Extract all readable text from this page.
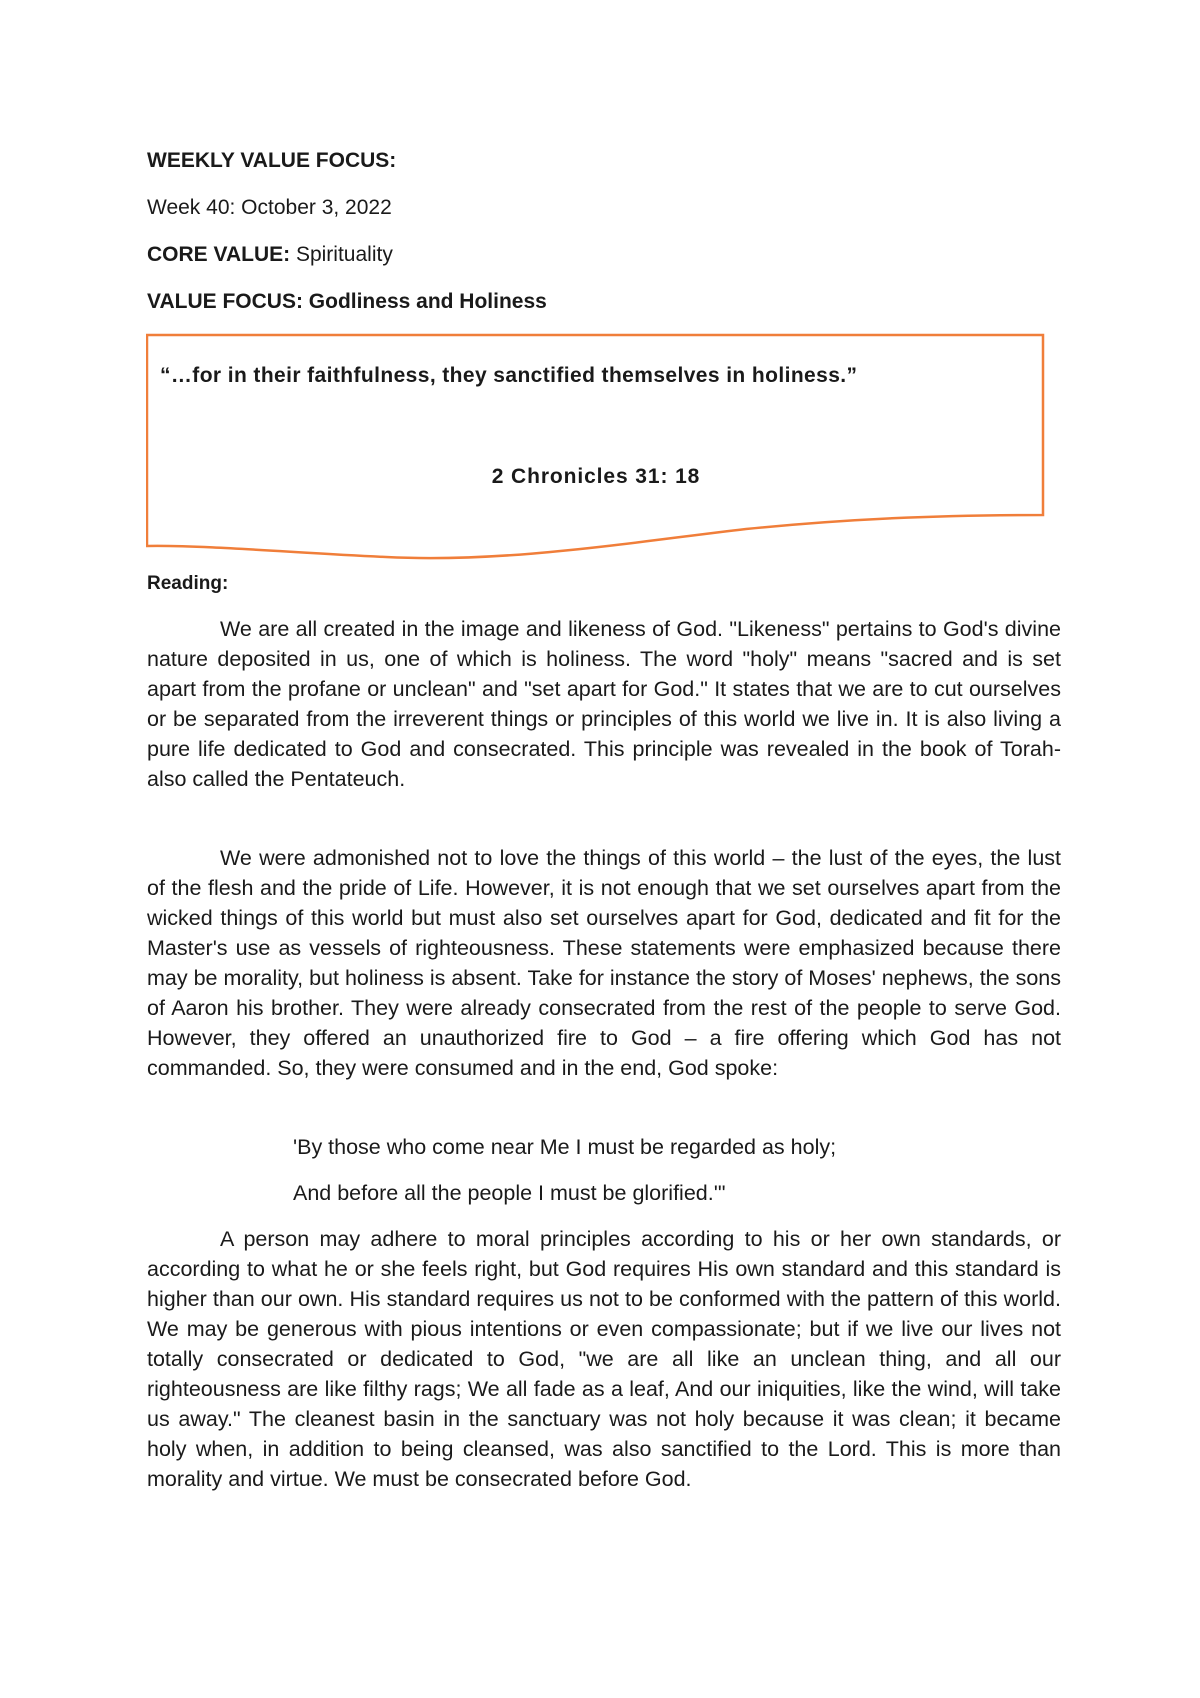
WEEKLY VALUE FOCUS:
Week 40: October 3, 2022
CORE VALUE: Spirituality
VALUE FOCUS: Godliness and Holiness
“…for in their faithfulness, they sanctified themselves in holiness.”
2 Chronicles 31: 18
Reading:

We are all created in the image and likeness of God. "Likeness" pertains to God's divine nature deposited in us, one of which is holiness. The word "holy" means "sacred and is set apart from the profane or unclean" and "set apart for God." It states that we are to cut ourselves or be separated from the irreverent things or principles of this world we live in. It is also living a pure life dedicated to God and consecrated. This principle was revealed in the book of Torah-also called the Pentateuch.

We were admonished not to love the things of this world – the lust of the eyes, the lust of the flesh and the pride of Life. However, it is not enough that we set ourselves apart from the wicked things of this world but must also set ourselves apart for God, dedicated and fit for the Master's use as vessels of righteousness. These statements were emphasized because there may be morality, but holiness is absent. Take for instance the story of Moses' nephews, the sons of Aaron his brother. They were already consecrated from the rest of the people to serve God. However, they offered an unauthorized fire to God – a fire offering which God has not commanded. So, they were consumed and in the end, God spoke:

'By those who come near Me I must be regarded as holy;
And before all the people I must be glorified.'"

A person may adhere to moral principles according to his or her own standards, or according to what he or she feels right, but God requires His own standard and this standard is higher than our own. His standard requires us not to be conformed with the pattern of this world. We may be generous with pious intentions or even compassionate; but if we live our lives not totally consecrated or dedicated to God, "we are all like an unclean thing, and all our righteousness are like filthy rags; We all fade as a leaf, And our iniquities, like the wind, will take us away." The cleanest basin in the sanctuary was not holy because it was clean; it became holy when, in addition to being cleansed, was also sanctified to the Lord. This is more than morality and virtue. We must be consecrated before God.
